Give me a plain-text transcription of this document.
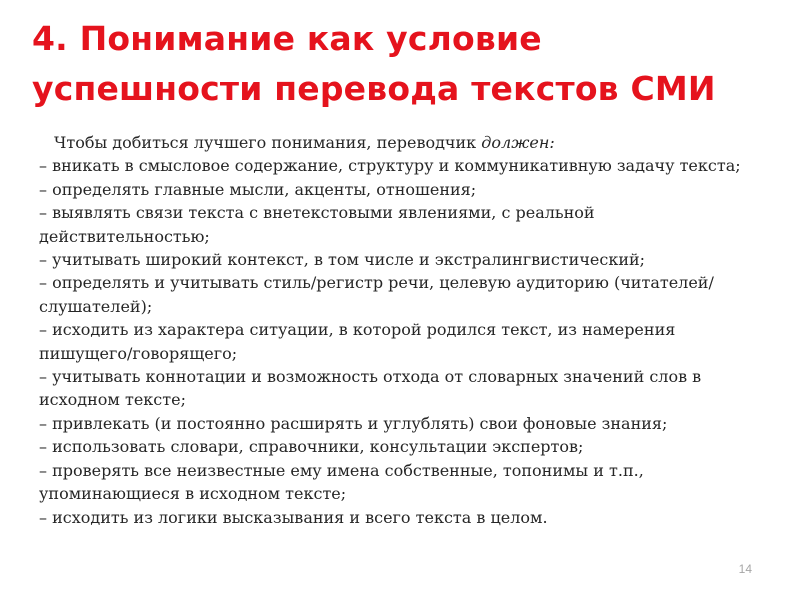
4. Понимание как условие
успешности перевода текстов СМИ
Чтобы добиться лучшего понимания, переводчик должен:
– вникать в смысловое содержание, структуру и коммуникативную задачу текста;
– определять главные мысли, акценты, отношения;
– выявлять связи текста с внетекстовыми явлениями, с реальной действительностью;
– учитывать широкий контекст, в том числе и экстралингвистический;
– определять и учитывать стиль/регистр речи, целевую аудиторию (читателей/слушателей);
– исходить из характера ситуации, в которой родился текст, из намерения пишущего/говорящего;
– учитывать коннотации и возможность отхода от словарных значений слов в исходном тексте;
– привлекать (и постоянно расширять и углублять) свои фоновые знания;
– использовать словари, справочники, консультации экспертов;
– проверять все неизвестные ему имена собственные, топонимы и т.п., упоминающиеся в исходном тексте;
– исходить из логики высказывания и всего текста в целом.
14
